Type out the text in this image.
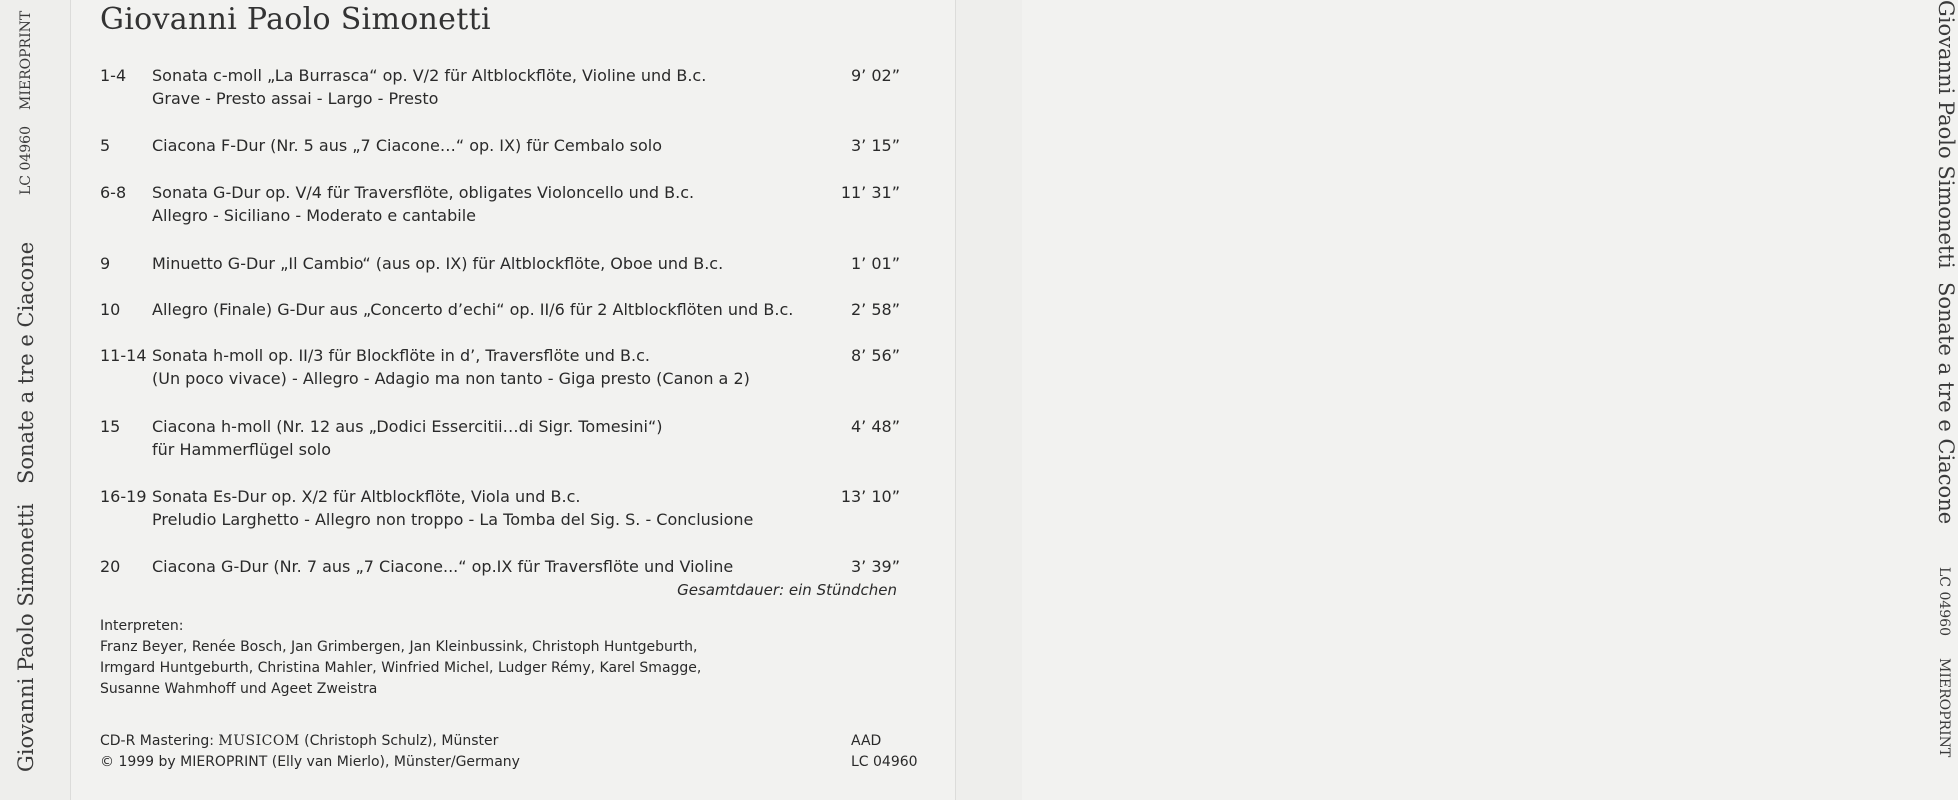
Giovanni Paolo Simonetti
Sonate a tre e Ciacone
LC 04960
MIEROPRINT	Giovanni Paolo Simonetti
Sonate a tre e Ciacone
LC 04960
MIEROPRINT
Giovanni Paolo Simonetti
1-4	Sonata c-moll „La Burrasca“ op. V/2 für Altblockflöte, Violine und B.c.
Grave - Presto assai - Largo - Presto
9’ 02”
5	Ciacona F-Dur (Nr. 5 aus „7 Ciacone…“ op. IX) für Cembalo solo	3’ 15”
6-8	Sonata G-Dur op. V/4 für Traversflöte, obligates Violoncello und B.c.
Allegro - Siciliano - Moderato e cantabile
11’ 31”
9	Minuetto G-Dur „Il Cambio“ (aus op. IX) für Altblockflöte, Oboe und B.c.	1’ 01”
10	Allegro (Finale) G-Dur aus „Concerto d’echi“ op. II/6 für 2 Altblockflöten und B.c.	2’ 58”
11-14 Sonata h-moll op. II/3 für Blockflöte in d’, Traversflöte und B.c.
(Un poco vivace) - Allegro - Adagio ma non tanto - Giga presto (Canon a 2)
8’ 56”
15	Ciacona h-moll (Nr. 12 aus „Dodici Essercitii…di Sigr. Tomesini“)
für Hammerflügel solo
4’ 48”
16-19 Sonata Es-Dur op. X/2 für Altblockflöte, Viola und B.c.
Preludio Larghetto - Allegro non troppo - La Tomba del Sig. S. - Conclusione
13’ 10”
20	Ciacona G-Dur (Nr. 7 aus „7 Ciacone...“ op.IX für Traversflöte und Violine	3’ 39”
Gesamtdauer: ein Stündchen
Interpreten:
Franz Beyer, Renée Bosch, Jan Grimbergen, Jan Kleinbussink, Christoph Huntgeburth,
Irmgard Huntgeburth, Christina Mahler, Winfried Michel, Ludger Rémy, Karel Smagge,
Susanne Wahmhoff und Ageet Zweistra
CD-R Mastering: MUSICOM (Christoph Schulz), Münster
© 1999 by MIEROPRINT (Elly van Mierlo), Münster/Germany
AAD
LC 04960
